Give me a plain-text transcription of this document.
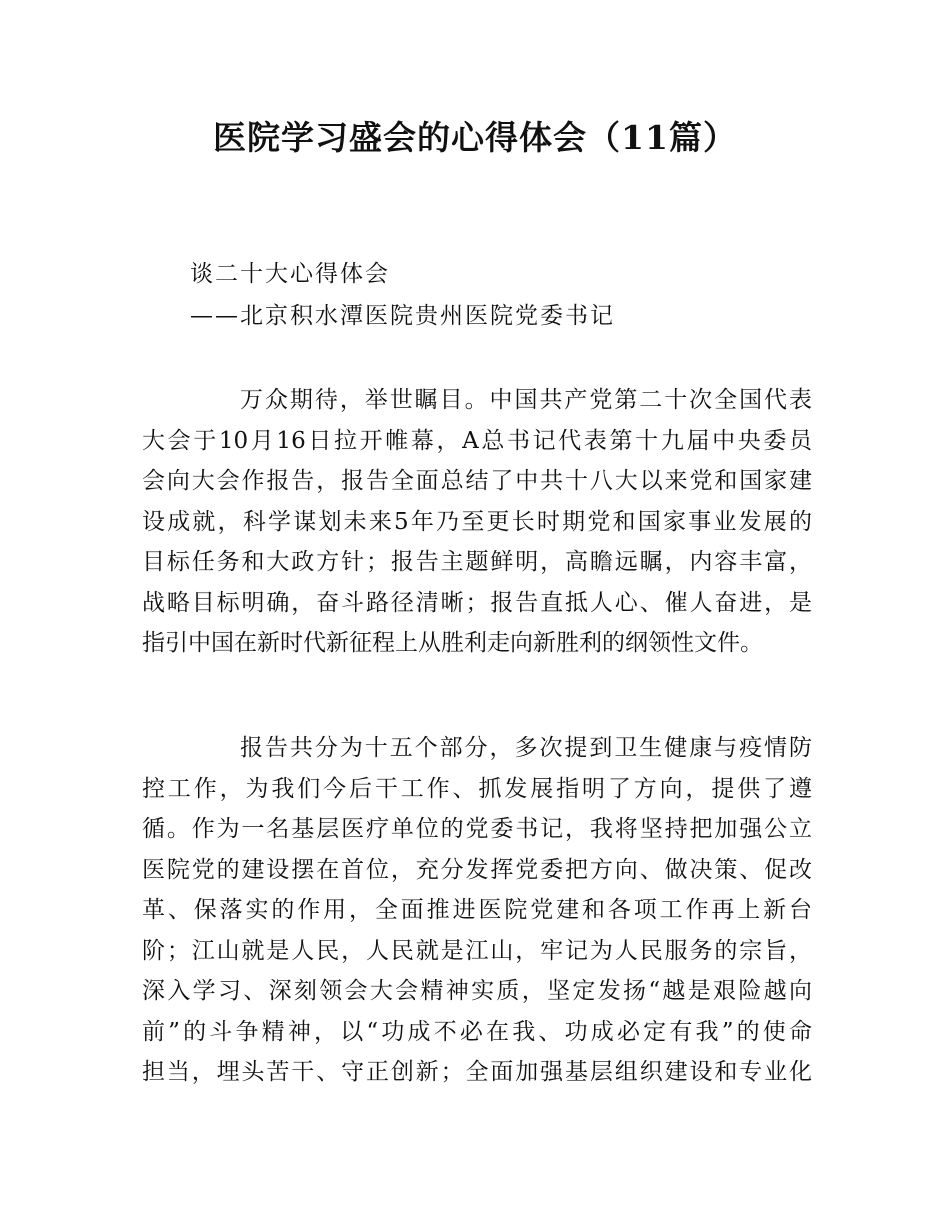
医院学习盛会的心得体会（11篇）

谈二十大心得体会

——北京积水潭医院贵州医院党委书记

万众期待，举世瞩目。中国共产党第二十次全国代表
大会于10月16日拉开帷幕，A总书记代表第十九届中央委员
会向大会作报告，报告全面总结了中共十八大以来党和国家建
设成就，科学谋划未来5年乃至更长时期党和国家事业发展的
目标任务和大政方针；报告主题鲜明，高瞻远瞩，内容丰富，
战略目标明确，奋斗路径清晰；报告直抵人心、催人奋进，是
指引中国在新时代新征程上从胜利走向新胜利的纲领性文件。
报告共分为十五个部分，多次提到卫生健康与疫情防
控工作，为我们今后干工作、抓发展指明了方向，提供了遵
循。作为一名基层医疗单位的党委书记，我将坚持把加强公立
医院党的建设摆在首位，充分发挥党委把方向、做决策、促改
革、保落实的作用，全面推进医院党建和各项工作再上新台
阶；江山就是人民，人民就是江山，牢记为人民服务的宗旨，
深入学习、深刻领会大会精神实质，坚定发扬“越是艰险越向
前”的斗争精神，以“功成不必在我、功成必定有我”的使命
担当，埋头苦干、守正创新；全面加强基层组织建设和专业化
